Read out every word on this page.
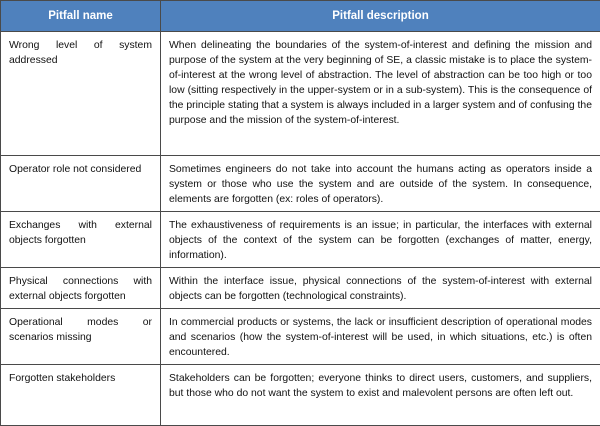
Pitfall name	Pitfall description
Wrong level of system addressed	When delineating the boundaries of the system-of-interest and defining the mission and purpose of the system at the very beginning of SE, a classic mistake is to place the system-of-interest at the wrong level of abstraction. The level of abstraction can be too high or too low (sitting respectively in the upper-system or in a sub-system). This is the consequence of the principle stating that a system is always included in a larger system and of confusing the purpose and the mission of the system-of-interest.
Operator role not considered	Sometimes engineers do not take into account the humans acting as operators inside a system or those who use the system and are outside of the system. In consequence, elements are forgotten (ex: roles of operators).
Exchanges with external objects forgotten	The exhaustiveness of requirements is an issue; in particular, the interfaces with external objects of the context of the system can be forgotten (exchanges of matter, energy, information).
Physical connections with external objects forgotten	Within the interface issue, physical connections of the system-of-interest with external objects can be forgotten (technological constraints).
Operational modes or scenarios missing	In commercial products or systems, the lack or insufficient description of operational modes and scenarios (how the system-of-interest will be used, in which situations, etc.) is often encountered.
Forgotten stakeholders	Stakeholders can be forgotten; everyone thinks to direct users, customers, and suppliers, but those who do not want the system to exist and malevolent persons are often left out.
